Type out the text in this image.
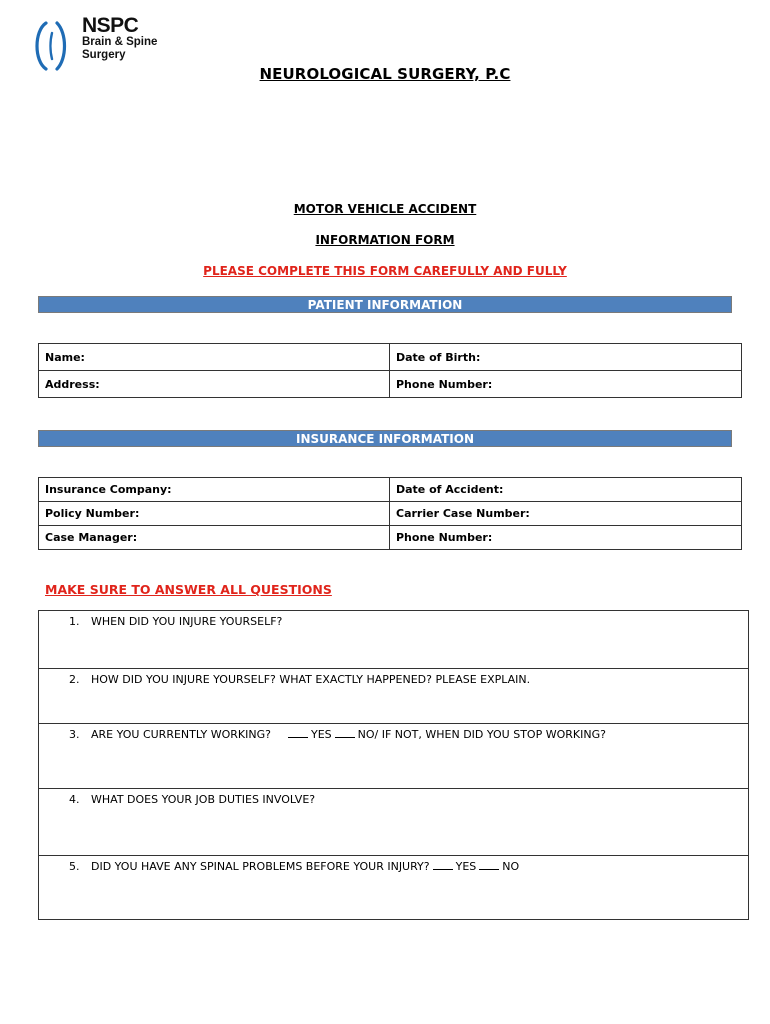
NSPC
Brain & Spine
Surgery
NEUROLOGICAL SURGERY, P.C
MOTOR VEHICLE ACCIDENT
INFORMATION FORM
PLEASE COMPLETE THIS FORM CAREFULLY AND FULLY
PATIENT INFORMATION
Name:	Date of Birth:
Address:	Phone Number:
INSURANCE INFORMATION
Insurance Company:	Date of Accident:
Policy Number:	Carrier Case Number:
Case Manager:	Phone Number:
MAKE SURE TO ANSWER ALL QUESTIONS
1. WHEN DID YOU INJURE YOURSELF?
2. HOW DID YOU INJURE YOURSELF? WHAT EXACTLY HAPPENED? PLEASE EXPLAIN.
3. ARE YOU CURRENTLY WORKING?	YES NO/ IF NOT, WHEN DID YOU STOP WORKING?
4. WHAT DOES YOUR JOB DUTIES INVOLVE?
5. DID YOU HAVE ANY SPINAL PROBLEMS BEFORE YOUR INJURY? YES NO
